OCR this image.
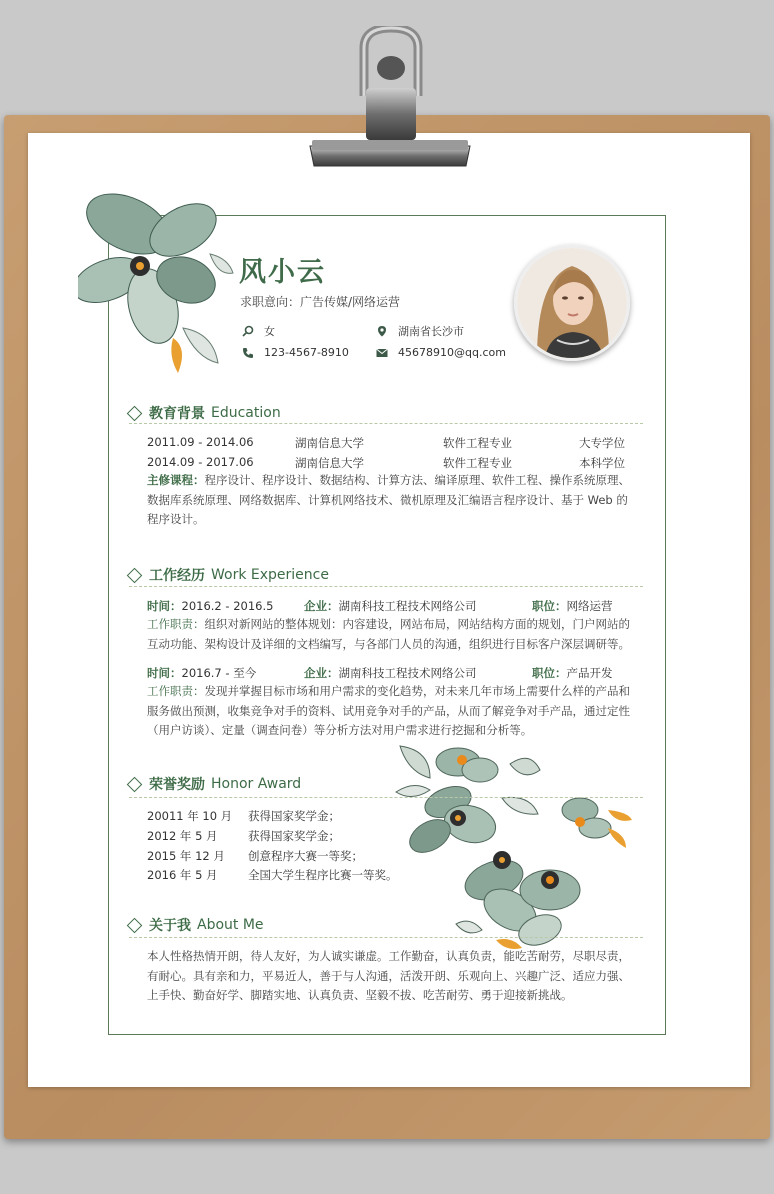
风小云
求职意向：广告传媒/网络运营
女	湖南省长沙市
123-4567-8910	45678910@qq.com
教育背景 Education
2011.09 - 2014.06	湖南信息大学	软件工程专业	大专学位
2014.09 - 2017.06	湖南信息大学	软件工程专业	本科学位
主修课程：程序设计、程序设计、数据结构、计算方法、编译原理、软件工程、操作系统原理、数据库系统原理、网络数据库、计算机网络技术、微机原理及汇编语言程序设计、基于 Web 的程序设计。
工作经历 Work Experience
时间：2016.2 - 2016.5	企业：湖南科技工程技术网络公司	职位：网络运营
工作职责：组织对新网站的整体规划：内容建设，网站布局，网站结构方面的规划，门户网站的互动功能、架构设计及详细的文档编写，与各部门人员的沟通，组织进行目标客户深层调研等。
时间：2016.7 - 至今	企业：湖南科技工程技术网络公司	职位：产品开发
工作职责：发现并掌握目标市场和用户需求的变化趋势，对未来几年市场上需要什么样的产品和服务做出预测，收集竞争对手的资料、试用竞争对手的产品，从而了解竞争对手产品，通过定性（用户访谈）、定量（调查问卷）等分析方法对用户需求进行挖掘和分析等。
荣誉奖励 Honor Award
20011 年 10 月 获得国家奖学金；
2012 年 5 月	获得国家奖学金；
2015 年 12 月 创意程序大赛一等奖；
2016 年 5 月	全国大学生程序比赛一等奖。
关于我 About Me
本人性格热情开朗，待人友好，为人诚实谦虚。工作勤奋，认真负责，能吃苦耐劳，尽职尽责，有耐心。具有亲和力，平易近人，善于与人沟通，活泼开朗、乐观向上、兴趣广泛、适应力强、上手快、勤奋好学、脚踏实地、认真负责、坚毅不拔、吃苦耐劳、勇于迎接新挑战。
